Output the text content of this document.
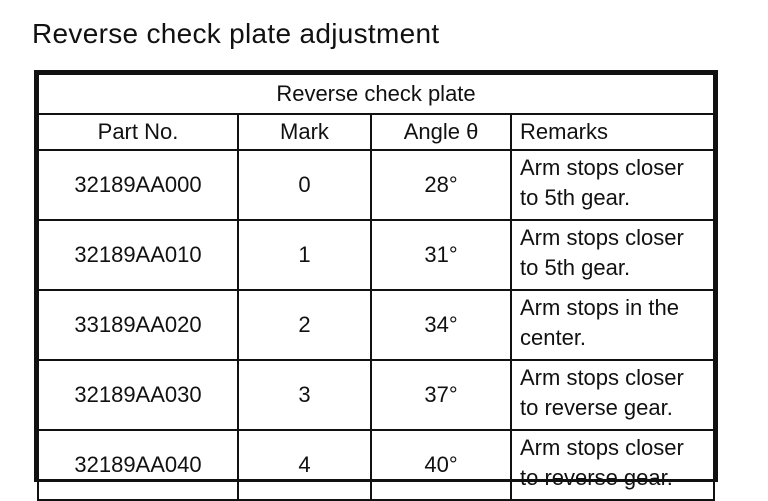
Reverse check plate adjustment
Reverse check plate			
Part No.	Mark	Angle θ	Remarks
32189AA000	0	28°	Arm stops closer
to 5th gear.

32189AA010	1	31°	Arm stops closer
to 5th gear.

33189AA020	2	34°	Arm stops in the
center.

32189AA030	3	37°	Arm stops closer
to reverse gear.

32189AA040	4	40°	Arm stops closer
to reverse gear.
